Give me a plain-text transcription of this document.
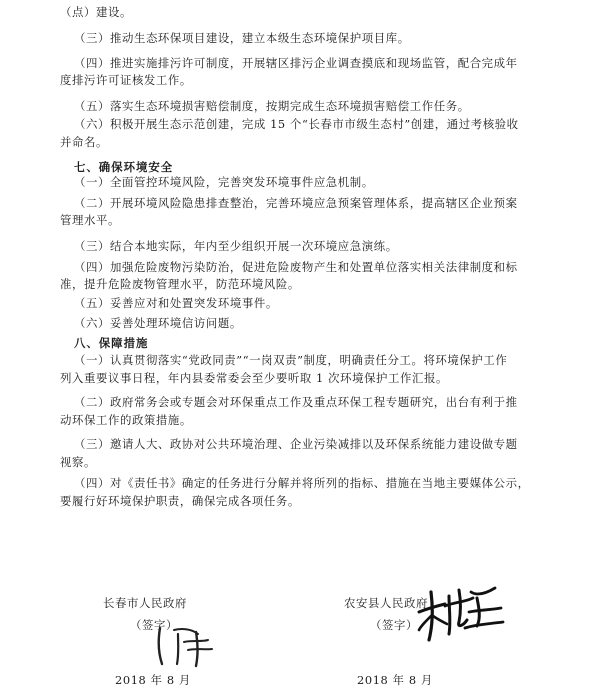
（点）建设。
（三）推动生态环保项目建设，建立本级生态环境保护项目库。
（四）推进实施排污许可制度，开展辖区排污企业调查摸底和现场监管，配合完成年
度排污许可证核发工作。
（五）落实生态环境损害赔偿制度，按期完成生态环境损害赔偿工作任务。
（六）积极开展生态示范创建，完成 15 个“长春市市级生态村”创建，通过考核验收
并命名。
七、确保环境安全
（一）全面管控环境风险，完善突发环境事件应急机制。
（二）开展环境风险隐患排查整治，完善环境应急预案管理体系，提高辖区企业预案
管理水平。
（三）结合本地实际，年内至少组织开展一次环境应急演练。
（四）加强危险废物污染防治，促进危险废物产生和处置单位落实相关法律制度和标
准，提升危险废物管理水平，防范环境风险。
（五）妥善应对和处置突发环境事件。
（六）妥善处理环境信访问题。
八、保障措施
（一）认真贯彻落实“党政同责”“一岗双责”制度，明确责任分工。将环境保护工作
列入重要议事日程，年内县委常委会至少要听取 1 次环境保护工作汇报。
（二）政府常务会或专题会对环保重点工作及重点环保工程专题研究，出台有利于推
动环保工作的政策措施。
（三）邀请人大、政协对公共环境治理、企业污染减排以及环保系统能力建设做专题
视察。
（四）对《责任书》确定的任务进行分解并将所列的指标、措施在当地主要媒体公示，
要履行好环境保护职责，确保完成各项任务。
长春市人民政府
（签字）
2018 年 8 月
农安县人民政府
（签字）
2018 年 8 月
